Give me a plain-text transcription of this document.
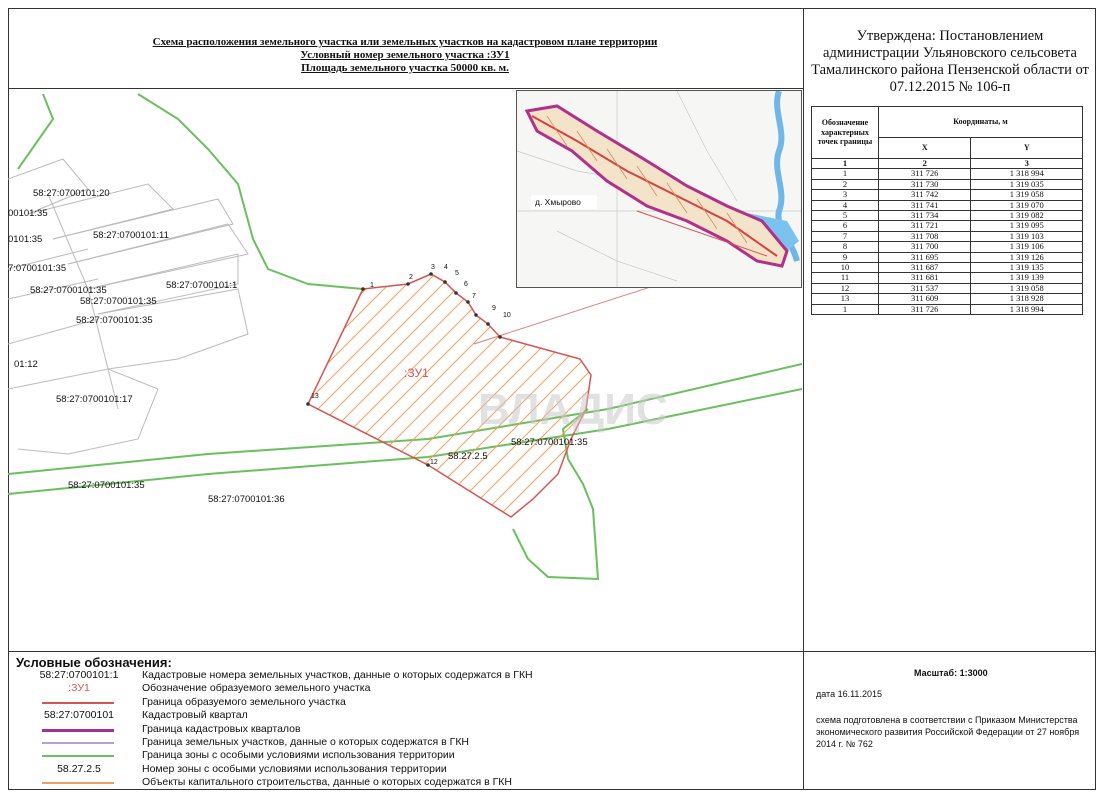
Схема расположения земельного участка или земельных участков на кадастровом плане территории
Условный номер земельного участка :ЗУ1
Площадь земельного участка 50000 кв. м.
Утверждена: Постановлением
администрации Ульяновского сельсовета
Тамалинского района Пензенской области от
07.12.2015 № 106-п
Обозначение характерных точек границы	Координаты, м	
	X	Y
1	2	3
1	311 726	1 318 994
2	311 730	1 319 035
3	311 742	1 319 058
4	311 741	1 319 070
5	311 734	1 319 082
6	311 721	1 319 095
7	311 708	1 319 103
8	311 700	1 319 106
9	311 695	1 319 126
10	311 687	1 319 135
11	311 681	1 319 139
12	311 537	1 319 058
13	311 609	1 318 928
1	311 726	1 318 994
58:27:0700101:20
00101:35
0101:35	58:27:0700101:11
7:0700101:35
58:27:0700101:1
58:27:0700101:35
58:27:0700101:35
58:27:0700101:35
01:12
58:27:0700101:17
58:27:0700101:35
58:27:0700101:36
58:27:0700101:35
58.27.2.5
:ЗУ1
ВЛАДИС
1
2
3 4
5
6
7
9
10
12
13
д. Хмырово
Условные обозначения:
58:27:0700101:1	Кадастровые номера земельных участков, данные о которых содержатся в ГКН
:ЗУ1	Обозначение образуемого земельного участка
Граница образуемого земельного участка
58:27:0700101	Кадастровый квартал
Граница кадастровых кварталов
Граница земельных участков, данные о которых содержатся в ГКН
Граница зоны с особыми условиями использования территории
58.27.2.5	Номер зоны с особыми условиями использования территории
Объекты капитального строительства, данные о которых содержатся в ГКН
Масштаб: 1:3000
дата 16.11.2015
схема подготовлена в соответствии с Приказом Министерства экономического развития Российской Федерации от 27 ноября 2014 г. № 762
